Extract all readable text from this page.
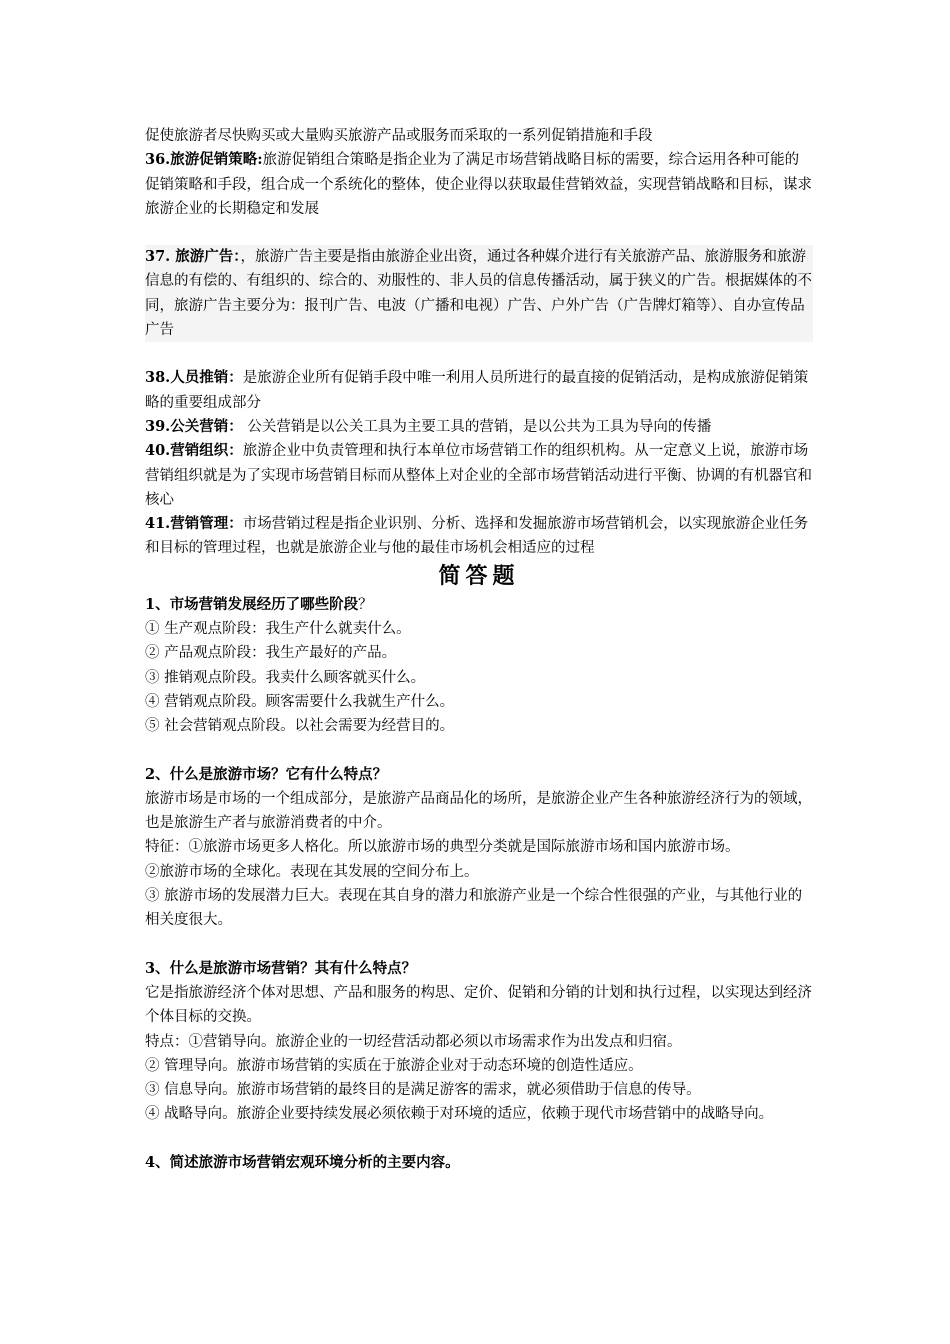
促使旅游者尽快购买或大量购买旅游产品或服务而采取的一系列促销措施和手段

36.旅游促销策略:旅游促销组合策略是指企业为了满足市场营销战略目标的需要，综合运用各种可能的促销策略和手段，组合成一个系统化的整体，使企业得以获取最佳营销效益，实现营销战略和目标，谋求旅游企业的长期稳定和发展

37. 旅游广告：，旅游广告主要是指由旅游企业出资，通过各种媒介进行有关旅游产品、旅游服务和旅游信息的有偿的、有组织的、综合的、劝服性的、非人员的信息传播活动，属于狭义的广告。根据媒体的不同，旅游广告主要分为：报刊广告、电波（广播和电视）广告、户外广告（广告牌灯箱等）、自办宣传品广告

38.人员推销：是旅游企业所有促销手段中唯一利用人员所进行的最直接的促销活动，是构成旅游促销策略的重要组成部分

39.公关营销： 公关营销是以公关工具为主要工具的营销，是以公共为工具为导向的传播

40.营销组织：旅游企业中负责管理和执行本单位市场营销工作的组织机构。从一定意义上说，旅游市场营销组织就是为了实现市场营销目标而从整体上对企业的全部市场营销活动进行平衡、协调的有机器官和核心

41.营销管理：市场营销过程是指企业识别、分析、选择和发掘旅游市场营销机会，以实现旅游企业任务和目标的管理过程，也就是旅游企业与他的最佳市场机会相适应的过程

简答题

1、市场营销发展经历了哪些阶段？

① 生产观点阶段：我生产什么就卖什么。

② 产品观点阶段：我生产最好的产品。

③ 推销观点阶段。我卖什么顾客就买什么。

④ 营销观点阶段。顾客需要什么我就生产什么。

⑤ 社会营销观点阶段。以社会需要为经营目的。

2、什么是旅游市场？它有什么特点？

旅游市场是市场的一个组成部分，是旅游产品商品化的场所，是旅游企业产生各种旅游经济行为的领域，也是旅游生产者与旅游消费者的中介。

特征：①旅游市场更多人格化。所以旅游市场的典型分类就是国际旅游市场和国内旅游市场。

②旅游市场的全球化。表现在其发展的空间分布上。

③ 旅游市场的发展潜力巨大。表现在其自身的潜力和旅游产业是一个综合性很强的产业，与其他行业的相关度很大。

3、什么是旅游市场营销？其有什么特点？

它是指旅游经济个体对思想、产品和服务的构思、定价、促销和分销的计划和执行过程，以实现达到经济个体目标的交换。

特点：①营销导向。旅游企业的一切经营活动都必须以市场需求作为出发点和归宿。

② 管理导向。旅游市场营销的实质在于旅游企业对于动态环境的创造性适应。

③ 信息导向。旅游市场营销的最终目的是满足游客的需求，就必须借助于信息的传导。

④ 战略导向。旅游企业要持续发展必须依赖于对环境的适应，依赖于现代市场营销中的战略导向。

4、简述旅游市场营销宏观环境分析的主要内容。
